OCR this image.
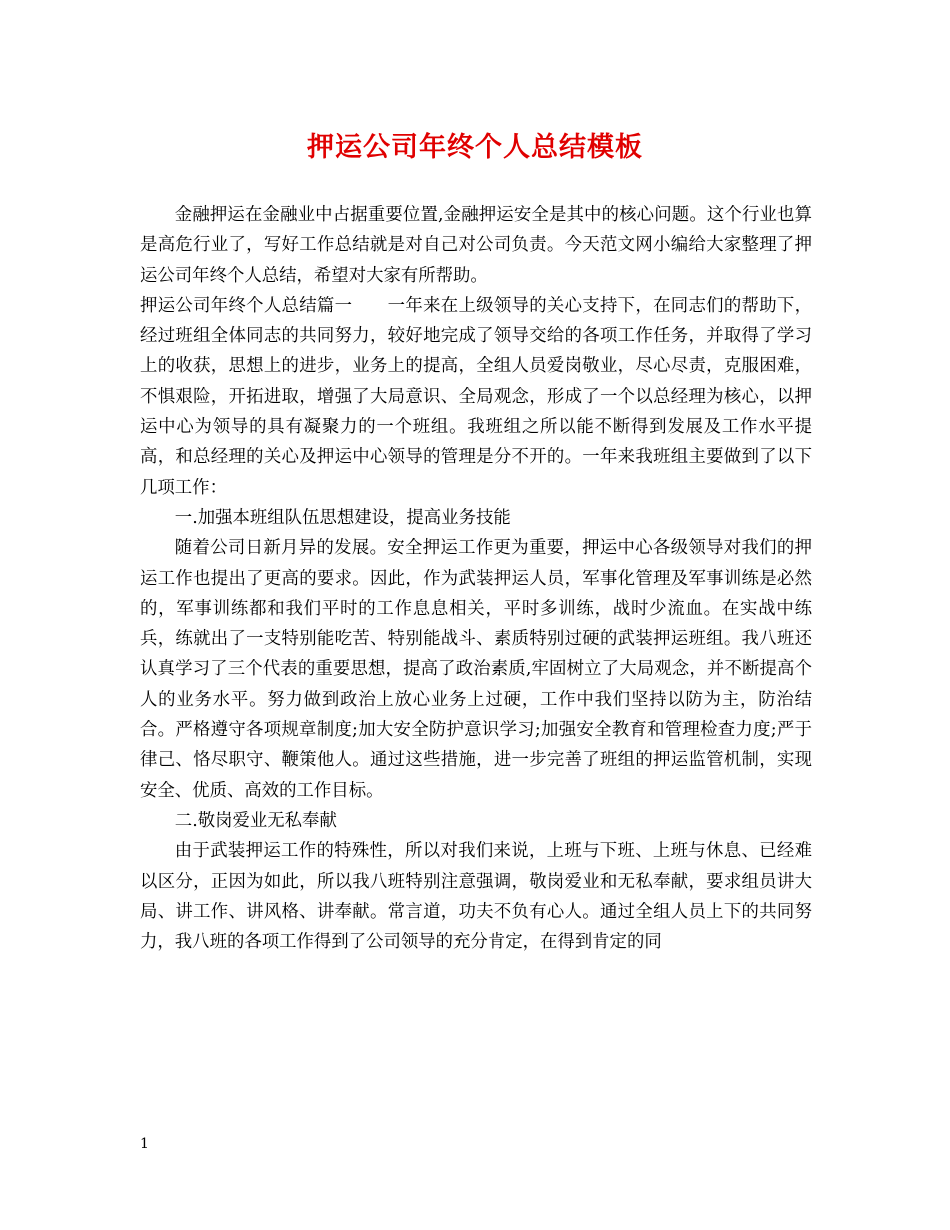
押运公司年终个人总结模板

金融押运在金融业中占据重要位置,金融押运安全是其中的核心问题。这个行业也算是高危行业了，写好工作总结就是对自己对公司负责。今天范文网小编给大家整理了押运公司年终个人总结，希望对大家有所帮助。

押运公司年终个人总结篇一　　一年来在上级领导的关心支持下，在同志们的帮助下，经过班组全体同志的共同努力，较好地完成了领导交给的各项工作任务，并取得了学习上的收获，思想上的进步，业务上的提高，全组人员爱岗敬业，尽心尽责，克服困难，不惧艰险，开拓进取，增强了大局意识、全局观念，形成了一个以总经理为核心，以押运中心为领导的具有凝聚力的一个班组。我班组之所以能不断得到发展及工作水平提高，和总经理的关心及押运中心领导的管理是分不开的。一年来我班组主要做到了以下几项工作：

一.加强本班组队伍思想建设，提高业务技能

随着公司日新月异的发展。安全押运工作更为重要，押运中心各级领导对我们的押运工作也提出了更高的要求。因此，作为武装押运人员，军事化管理及军事训练是必然的，军事训练都和我们平时的工作息息相关，平时多训练，战时少流血。在实战中练兵，练就出了一支特别能吃苦、特别能战斗、素质特别过硬的武装押运班组。我八班还认真学习了三个代表的重要思想，提高了政治素质,牢固树立了大局观念，并不断提高个人的业务水平。努力做到政治上放心业务上过硬，工作中我们坚持以防为主，防治结合。严格遵守各项规章制度;加大安全防护意识学习;加强安全教育和管理检查力度;严于律己、恪尽职守、鞭策他人。通过这些措施，进一步完善了班组的押运监管机制，实现安全、优质、高效的工作目标。

二.敬岗爱业无私奉献

由于武装押运工作的特殊性，所以对我们来说，上班与下班、上班与休息、已经难以区分，正因为如此，所以我八班特别注意强调，敬岗爱业和无私奉献，要求组员讲大局、讲工作、讲风格、讲奉献。常言道，功夫不负有心人。通过全组人员上下的共同努力，我八班的各项工作得到了公司领导的充分肯定，在得到肯定的同

1
